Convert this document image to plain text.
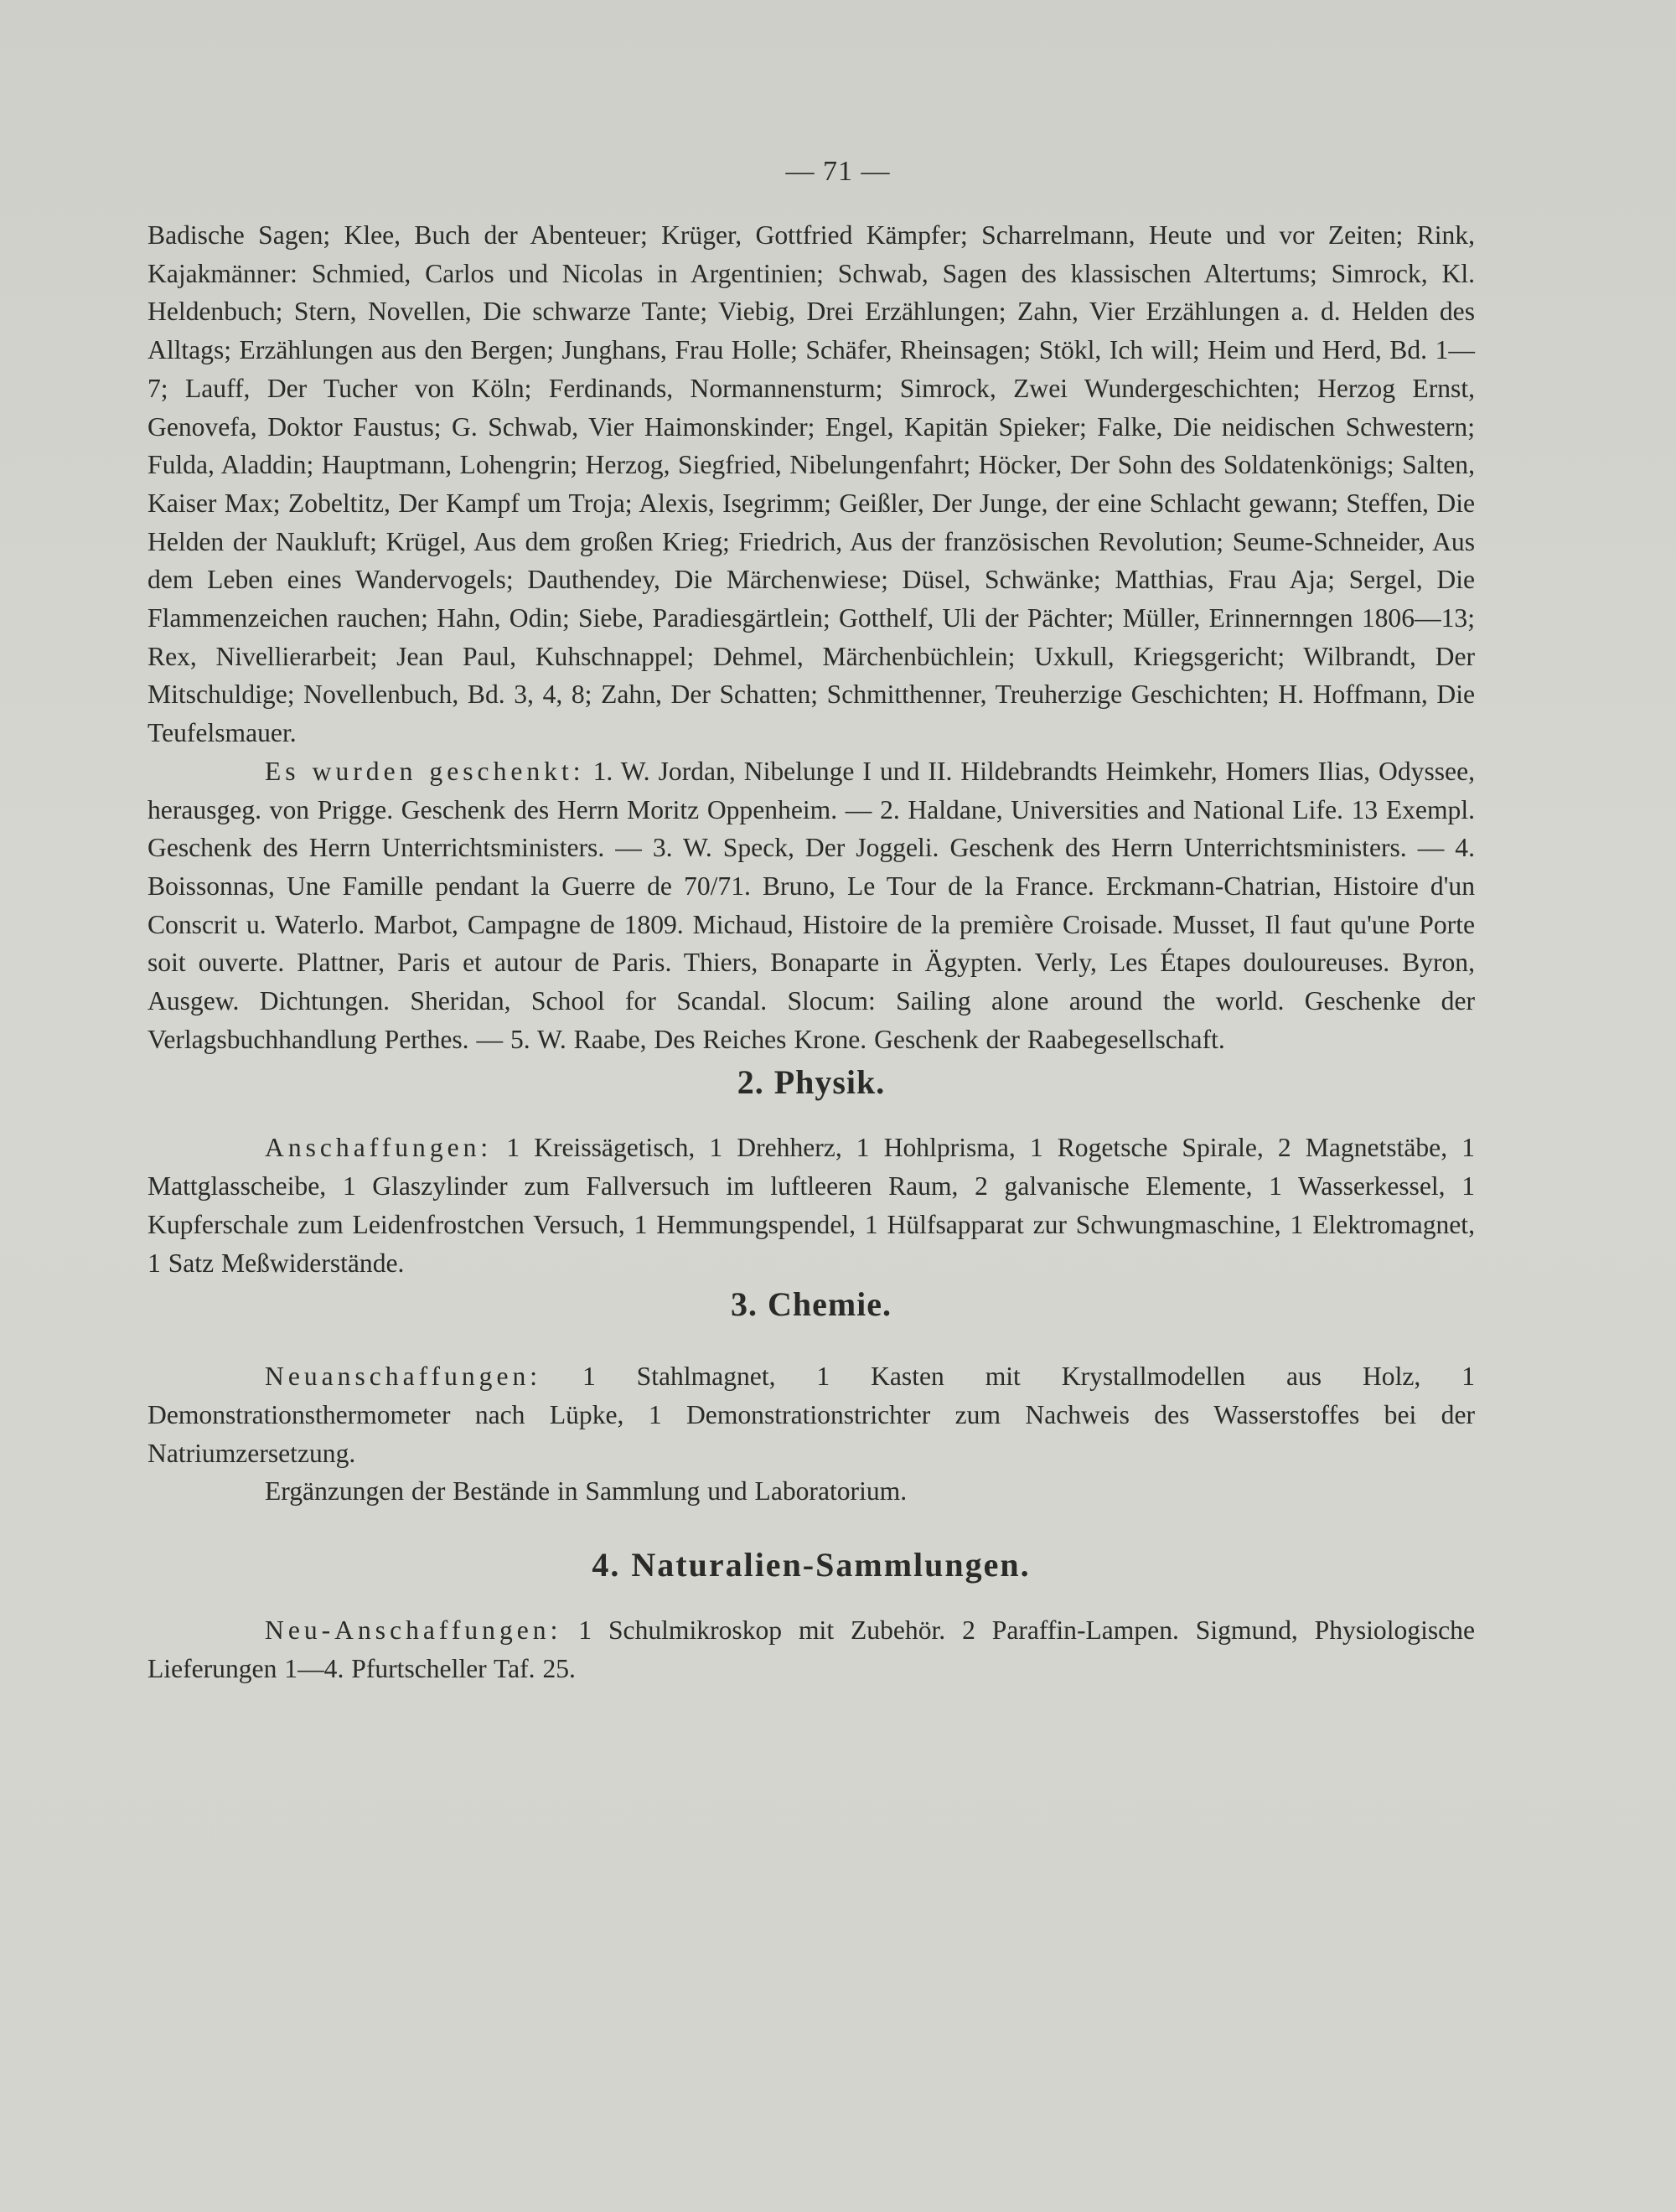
— 71 —

Badische Sagen; Klee, Buch der Abenteuer; Krüger, Gottfried Kämpfer; Scharrelmann, Heute und vor Zeiten; Rink, Kajakmänner: Schmied, Carlos und Nicolas in Argentinien; Schwab, Sagen des klassischen Altertums; Simrock, Kl. Heldenbuch; Stern, Novellen, Die schwarze Tante; Viebig, Drei Erzählungen; Zahn, Vier Erzählungen a. d. Helden des Alltags; Erzählungen aus den Bergen; Junghans, Frau Holle; Schäfer, Rheinsagen; Stökl, Ich will; Heim und Herd, Bd. 1—7; Lauff, Der Tucher von Köln; Ferdinands, Normannensturm; Simrock, Zwei Wundergeschichten; Herzog Ernst, Genovefa, Doktor Faustus; G. Schwab, Vier Haimonskinder; Engel, Kapitän Spieker; Falke, Die neidischen Schwestern; Fulda, Aladdin; Hauptmann, Lohengrin; Herzog, Siegfried, Nibelungenfahrt; Höcker, Der Sohn des Soldatenkönigs; Salten, Kaiser Max; Zobeltitz, Der Kampf um Troja; Alexis, Isegrimm; Geißler, Der Junge, der eine Schlacht gewann; Steffen, Die Helden der Naukluft; Krügel, Aus dem großen Krieg; Friedrich, Aus der französischen Revolution; Seume-Schneider, Aus dem Leben eines Wandervogels; Dauthendey, Die Märchenwiese; Düsel, Schwänke; Matthias, Frau Aja; Sergel, Die Flammenzeichen rauchen; Hahn, Odin; Siebe, Paradiesgärtlein; Gotthelf, Uli der Pächter; Müller, Erinnernngen 1806—13; Rex, Nivellierarbeit; Jean Paul, Kuhschnappel; Dehmel, Märchenbüchlein; Uxkull, Kriegsgericht; Wilbrandt, Der Mitschuldige; Novellenbuch, Bd. 3, 4, 8; Zahn, Der Schatten; Schmitthenner, Treuherzige Geschichten; H. Hoffmann, Die Teufelsmauer.

Es wurden geschenkt: 1. W. Jordan, Nibelunge I und II. Hildebrandts Heimkehr, Homers Ilias, Odyssee, herausgeg. von Prigge. Geschenk des Herrn Moritz Oppenheim. — 2. Haldane, Universities and National Life. 13 Exempl. Geschenk des Herrn Unterrichtsministers. — 3. W. Speck, Der Joggeli. Geschenk des Herrn Unterrichtsministers. — 4. Boissonnas, Une Famille pendant la Guerre de 70/71. Bruno, Le Tour de la France. Erckmann-Chatrian, Histoire d'un Conscrit u. Waterlo. Marbot, Campagne de 1809. Michaud, Histoire de la première Croisade. Musset, Il faut qu'une Porte soit ouverte. Plattner, Paris et autour de Paris. Thiers, Bonaparte in Ägypten. Verly, Les Étapes douloureuses. Byron, Ausgew. Dichtungen. Sheridan, School for Scandal. Slocum: Sailing alone around the world. Geschenke der Verlagsbuchhandlung Perthes. — 5. W. Raabe, Des Reiches Krone. Geschenk der Raabegesellschaft.

2. Physik.

Anschaffungen: 1 Kreissägetisch, 1 Drehherz, 1 Hohlprisma, 1 Rogetsche Spirale, 2 Magnetstäbe, 1 Mattglasscheibe, 1 Glaszylinder zum Fallversuch im luftleeren Raum, 2 galvanische Elemente, 1 Wasserkessel, 1 Kupferschale zum Leidenfrostchen Versuch, 1 Hemmungspendel, 1 Hülfsapparat zur Schwungmaschine, 1 Elektromagnet, 1 Satz Meßwiderstände.

3. Chemie.

Neuanschaffungen: 1 Stahlmagnet, 1 Kasten mit Krystallmodellen aus Holz, 1 Demonstrationsthermometer nach Lüpke, 1 Demonstrationstrichter zum Nachweis des Wasserstoffes bei der Natriumzersetzung.

Ergänzungen der Bestände in Sammlung und Laboratorium.

4. Naturalien-Sammlungen.

Neu-Anschaffungen: 1 Schulmikroskop mit Zubehör. 2 Paraffin-Lampen. Sigmund, Physiologische Lieferungen 1—4. Pfurtscheller Taf. 25.
